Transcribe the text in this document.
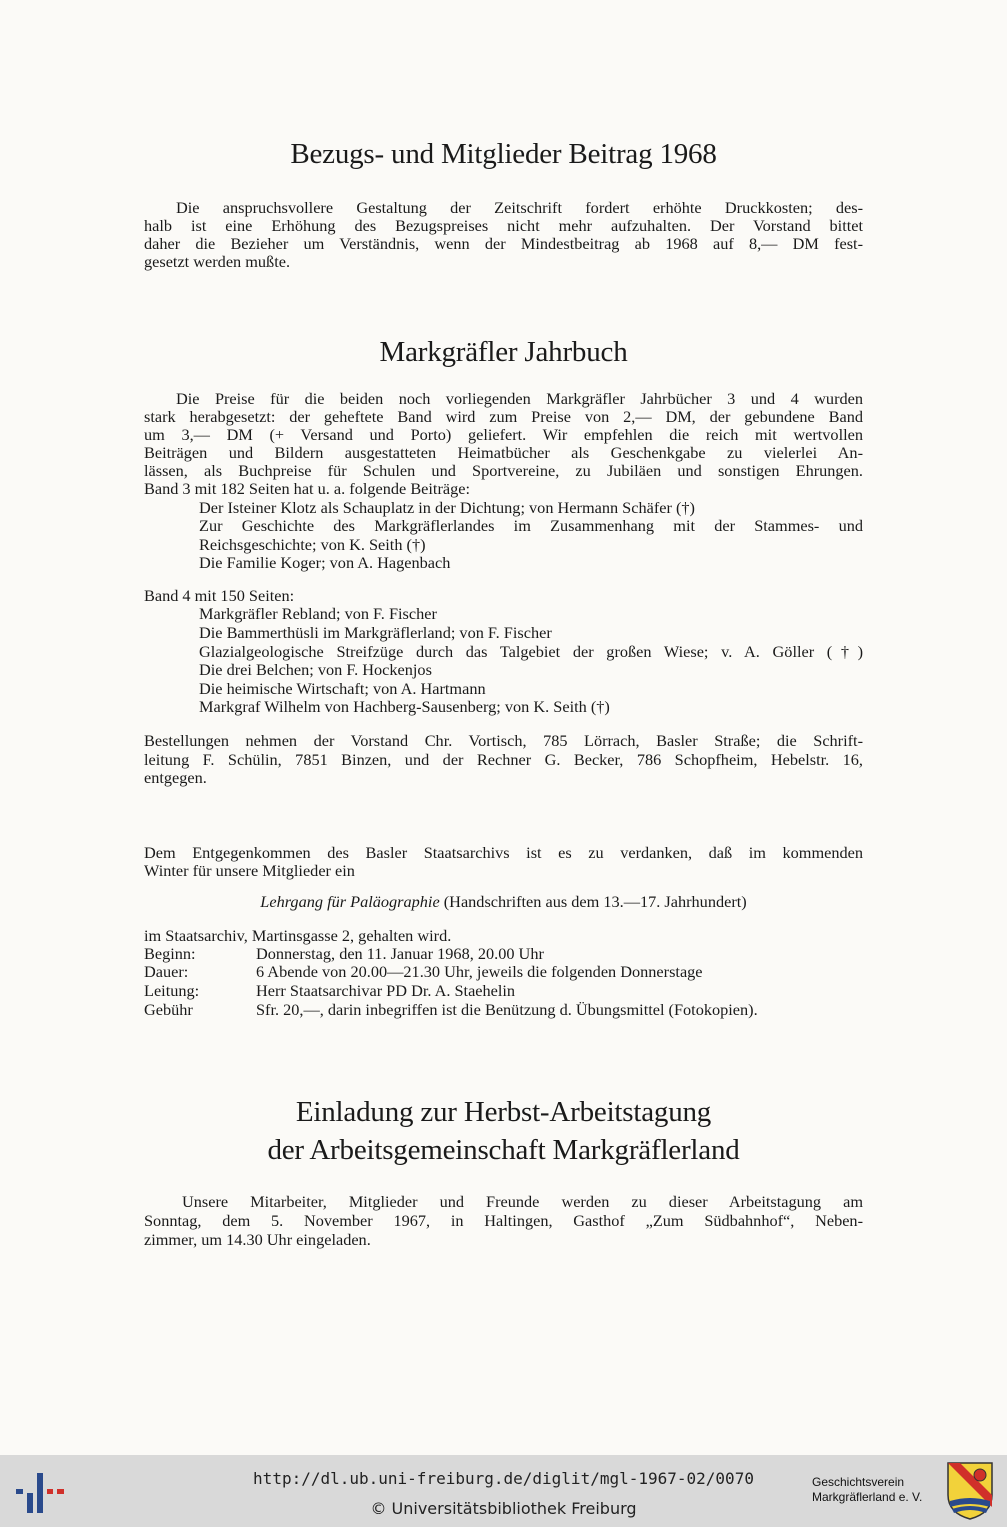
Bezugs- und Mitglieder Beitrag 1968

Die anspruchsvollere Gestaltung der Zeitschrift fordert erhöhte Druckkosten; des-

halb ist eine Erhöhung des Bezugspreises nicht mehr aufzuhalten. Der Vorstand bittet

daher die Bezieher um Verständnis, wenn der Mindestbeitrag ab 1968 auf 8,— DM fest-

gesetzt werden mußte.

Markgräfler Jahrbuch

Die Preise für die beiden noch vorliegenden Markgräfler Jahrbücher 3 und 4 wurden

stark herabgesetzt: der geheftete Band wird zum Preise von 2,— DM, der gebundene Band

um 3,— DM (+ Versand und Porto) geliefert. Wir empfehlen die reich mit wertvollen

Beiträgen und Bildern ausgestatteten Heimatbücher als Geschenkgabe zu vielerlei An-

lässen, als Buchpreise für Schulen und Sportvereine, zu Jubiläen und sonstigen Ehrungen.

Band 3 mit 182 Seiten hat u. a. folgende Beiträge:

Der Isteiner Klotz als Schauplatz in der Dichtung; von Hermann Schäfer (†)

Zur Geschichte des Markgräflerlandes im Zusammenhang mit der Stammes- und

Reichsgeschichte; von K. Seith (†)

Die Familie Koger; von A. Hagenbach

Band 4 mit 150 Seiten:

Markgräfler Rebland; von F. Fischer

Die Bammerthüsli im Markgräflerland; von F. Fischer

Glazialgeologische Streifzüge durch das Talgebiet der großen Wiese; v. A. Göller (†)

Die drei Belchen; von F. Hockenjos

Die heimische Wirtschaft; von A. Hartmann

Markgraf Wilhelm von Hachberg-Sausenberg; von K. Seith (†)

Bestellungen nehmen der Vorstand Chr. Vortisch, 785 Lörrach, Basler Straße; die Schrift-

leitung F. Schülin, 7851 Binzen, und der Rechner G. Becker, 786 Schopfheim, Hebelstr. 16,

entgegen.

Dem Entgegenkommen des Basler Staatsarchivs ist es zu verdanken, daß im kommenden

Winter für unsere Mitglieder ein

Lehrgang für Paläographie (Handschriften aus dem 13.—17. Jahrhundert)

im Staatsarchiv, Martinsgasse 2, gehalten wird.

Beginn:	Donnerstag, den 11. Januar 1968, 20.00 Uhr

Dauer:	6 Abende von 20.00—21.30 Uhr, jeweils die folgenden Donnerstage

Leitung:	Herr Staatsarchivar PD Dr. A. Staehelin

Gebühr	Sfr. 20,—, darin inbegriffen ist die Benützung d. Übungsmittel (Fotokopien).

Einladung zur Herbst-Arbeitstagung
der Arbeitsgemeinschaft Markgräflerland

Unsere Mitarbeiter, Mitglieder und Freunde werden zu dieser Arbeitstagung am

Sonntag, dem 5. November 1967, in Haltingen, Gasthof „Zum Südbahnhof“, Neben-

zimmer, um 14.30 Uhr eingeladen.

http://dl.ub.uni-freiburg.de/diglit/mgl-1967-02/0070
© Universitätsbibliothek Freiburg
Geschichtsverein
Markgräflerland e. V.
